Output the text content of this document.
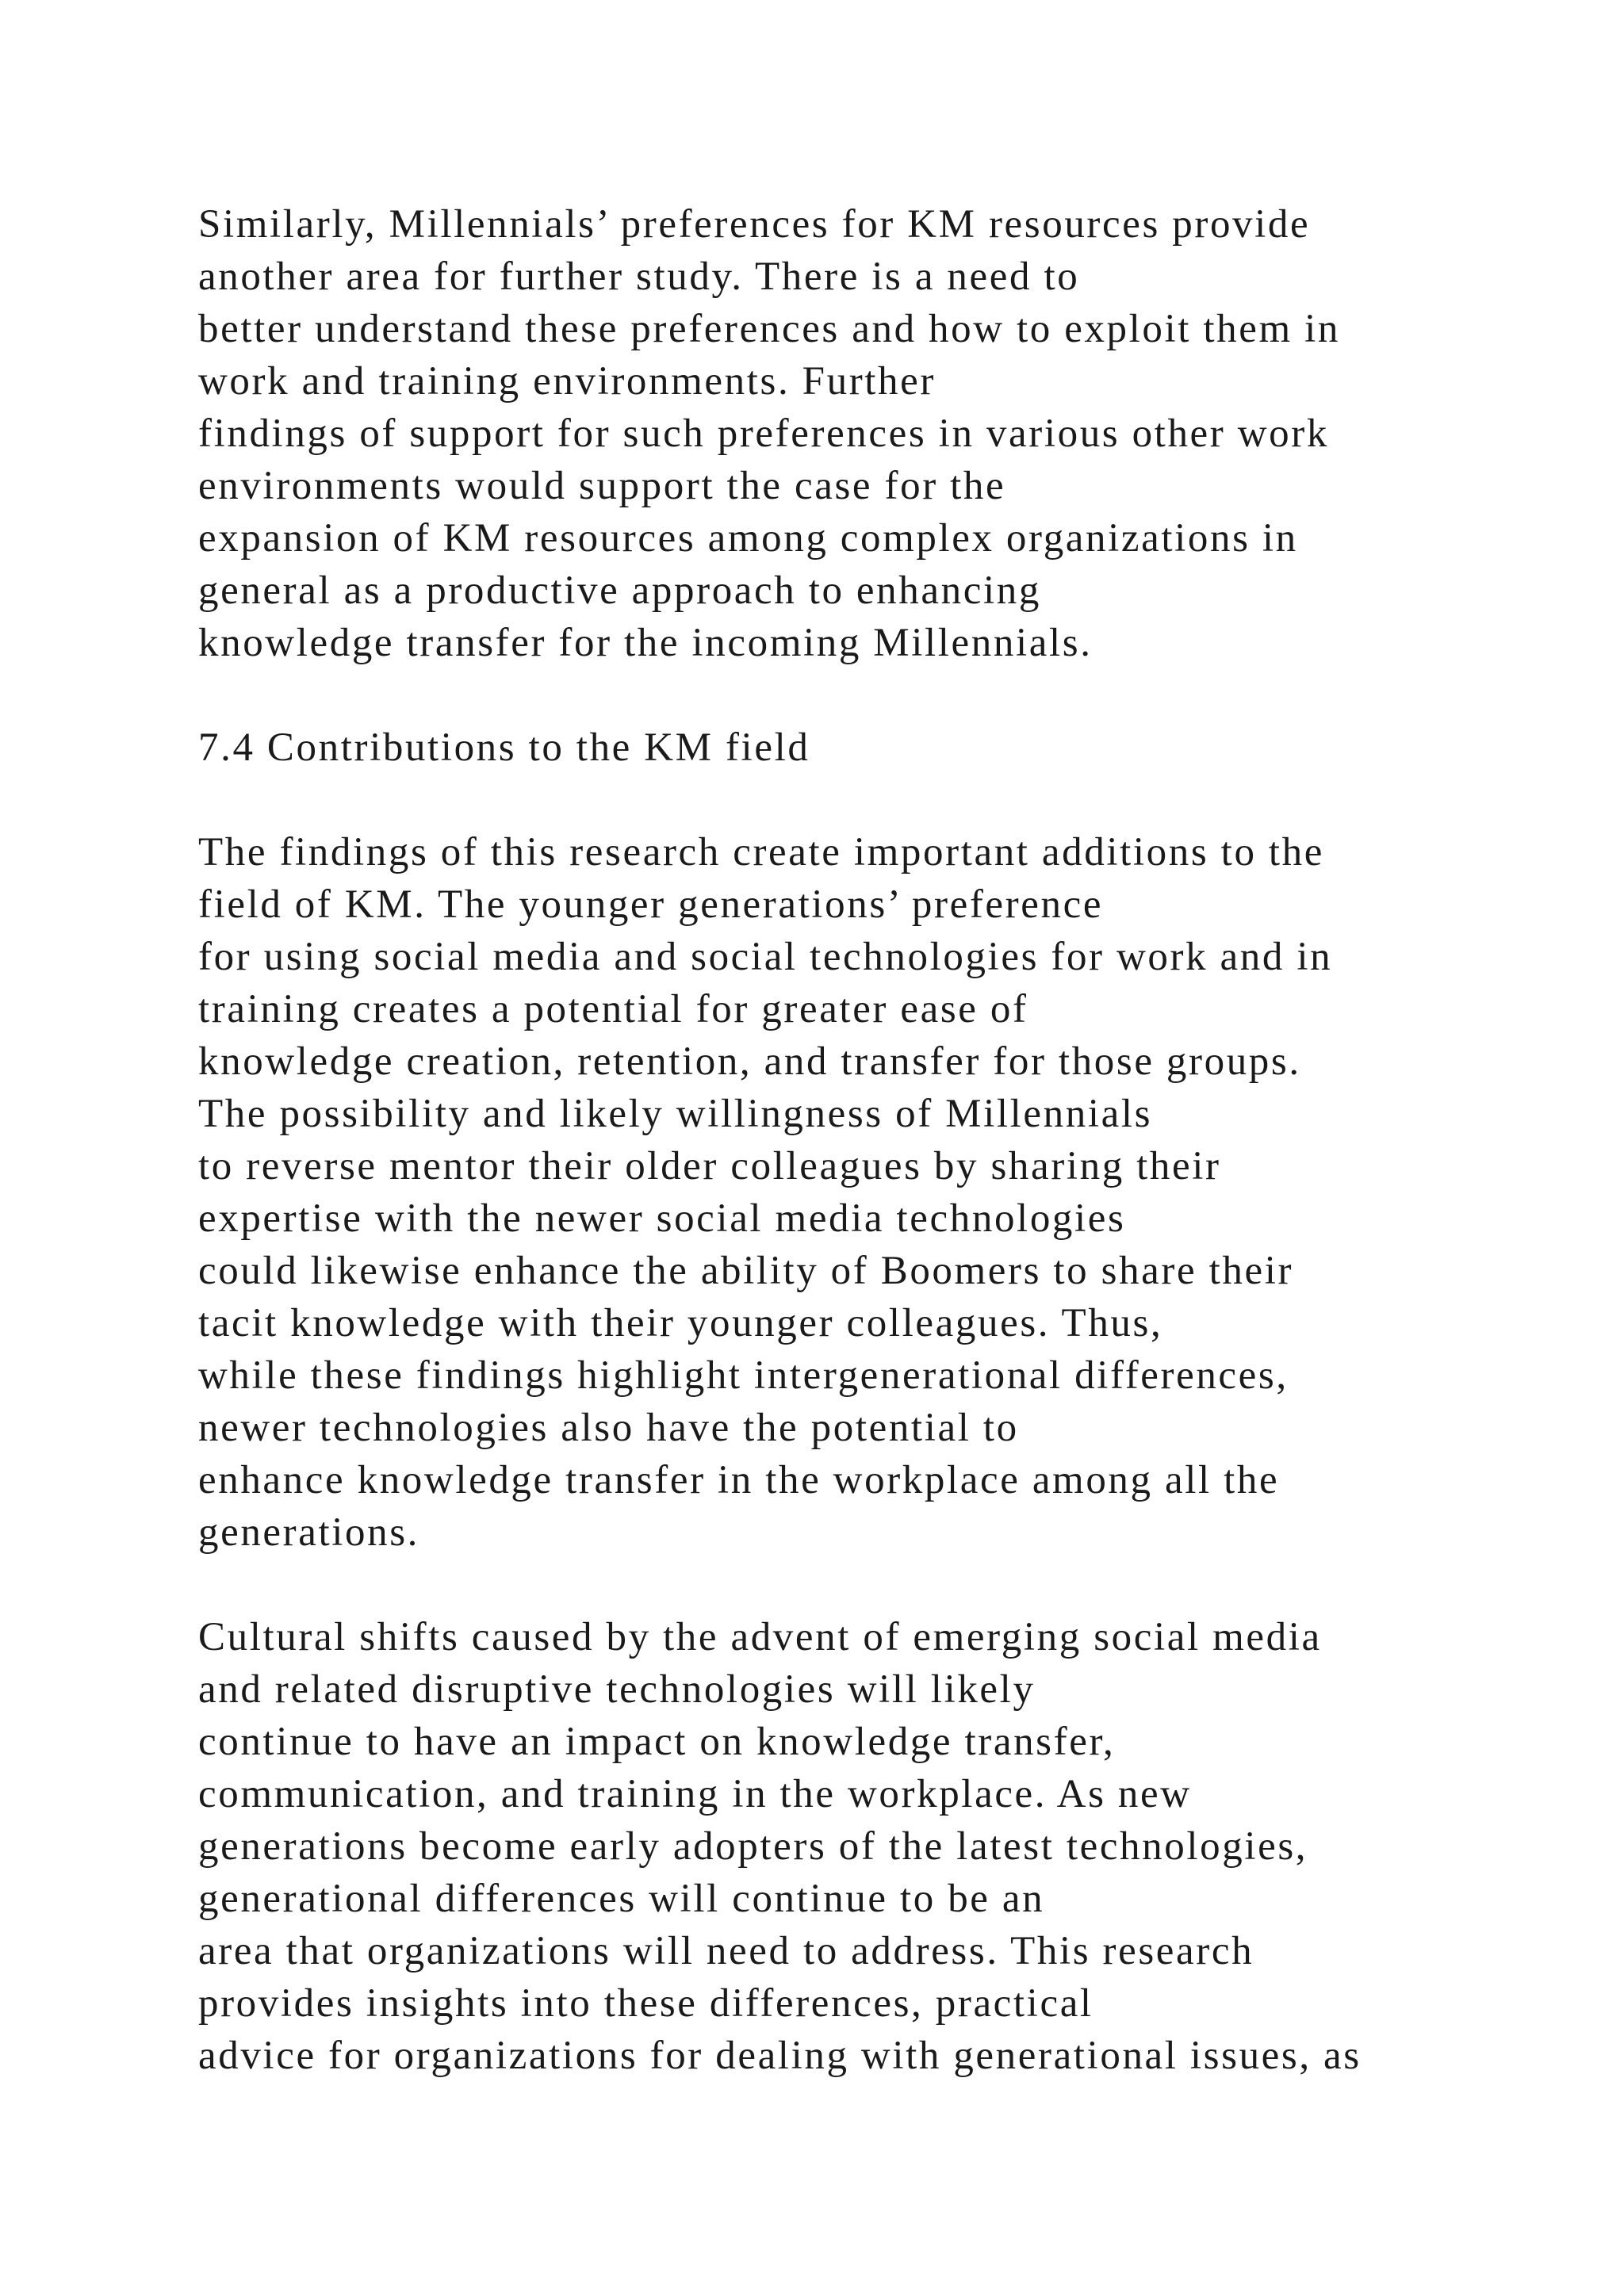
Similarly, Millennials’ preferences for KM resources provide
another area for further study. There is a need to
better understand these preferences and how to exploit them in
work and training environments. Further
findings of support for such preferences in various other work
environments would support the case for the
expansion of KM resources among complex organizations in
general as a productive approach to enhancing
knowledge transfer for the incoming Millennials.
7.4 Contributions to the KM field
The findings of this research create important additions to the
field of KM. The younger generations’ preference
for using social media and social technologies for work and in
training creates a potential for greater ease of
knowledge creation, retention, and transfer for those groups.
The possibility and likely willingness of Millennials
to reverse mentor their older colleagues by sharing their
expertise with the newer social media technologies
could likewise enhance the ability of Boomers to share their
tacit knowledge with their younger colleagues. Thus,
while these findings highlight intergenerational differences,
newer technologies also have the potential to
enhance knowledge transfer in the workplace among all the
generations.
Cultural shifts caused by the advent of emerging social media
and related disruptive technologies will likely
continue to have an impact on knowledge transfer,
communication, and training in the workplace. As new
generations become early adopters of the latest technologies,
generational differences will continue to be an
area that organizations will need to address. This research
provides insights into these differences, practical
advice for organizations for dealing with generational issues, as
